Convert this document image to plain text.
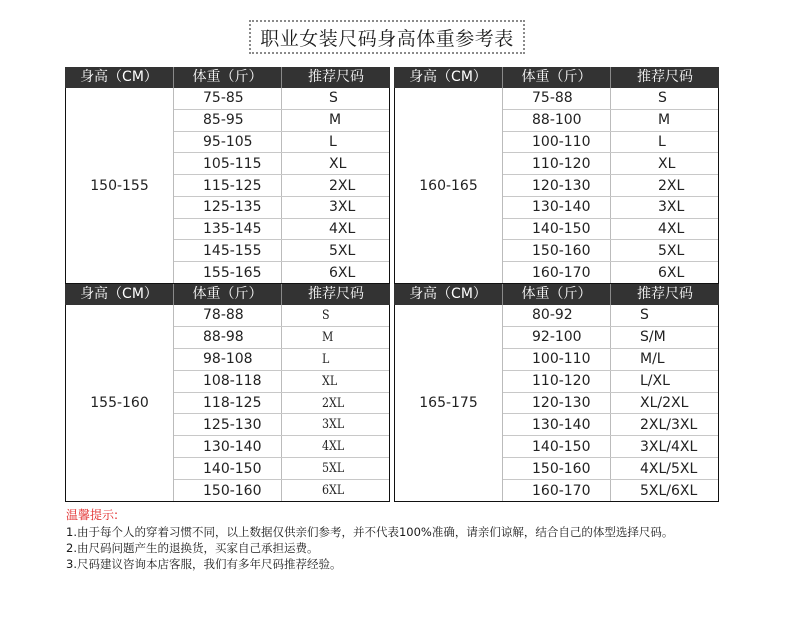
职业女装尺码身高体重参考表
身高（CM）	体重（斤）	推荐尺码
150-155
75-85	S
85-95	M
95-105	L
105-115	XL
115-125	2XL
125-135	3XL
135-145	4XL
145-155	5XL
155-165	6XL
身高（CM）	体重（斤）	推荐尺码
160-165
75-88	S
88-100	M
100-110	L
110-120	XL
120-130	2XL
130-140	3XL
140-150	4XL
150-160	5XL
160-170	6XL
身高（CM）	体重（斤）	推荐尺码
155-160
78-88	S
88-98	M
98-108	L
108-118	XL
118-125	2XL
125-130	3XL
130-140	4XL
140-150	5XL
150-160	6XL
身高（CM）	体重（斤）	推荐尺码
165-175
80-92	S
92-100	S/M
100-110	M/L
110-120	L/XL
120-130	XL/2XL
130-140	2XL/3XL
140-150	3XL/4XL
150-160	4XL/5XL
160-170	5XL/6XL
温馨提示:
1.由于每个人的穿着习惯不同，以上数据仅供亲们参考，并不代表100%准确，请亲们谅解，结合自己的体型选择尺码。
2.由尺码问题产生的退换货，买家自己承担运费。
3.尺码建议咨询本店客服，我们有多年尺码推荐经验。
